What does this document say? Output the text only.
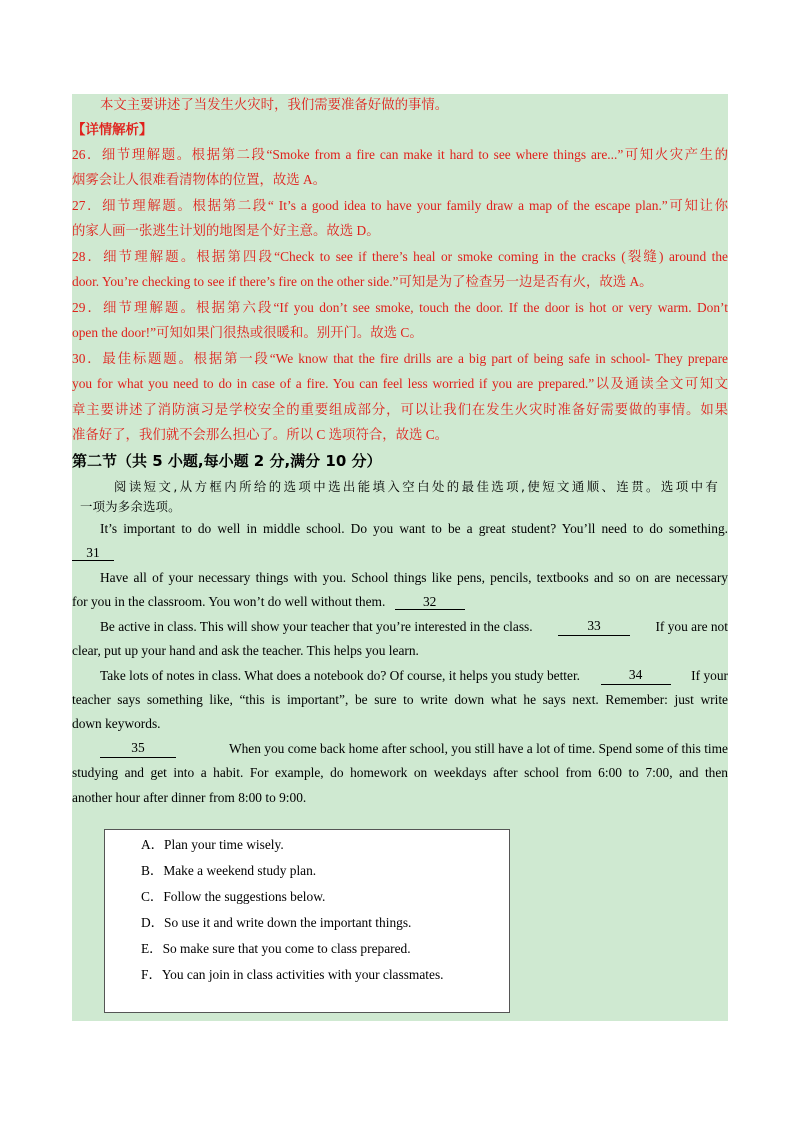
本文主要讲述了当发生火灾时，我们需要准备好做的事情。
【详情解析】
26．细节理解题。根据第二段“Smoke from a fire can make it hard to see where things are...”可知火灾产生的
烟雾会让人很难看清物体的位置，故选 A。
27．细节理解题。根据第二段“ It’s a good idea to have your family draw a map of the escape plan.”可知让你
的家人画一张逃生计划的地图是个好主意。故选 D。
28．细节理解题。根据第四段“Check to see if there’s heal or smoke coming in the cracks (裂缝) around the
door. You’re checking to see if there’s fire on the other side.”可知是为了检查另一边是否有火，故选 A。
29．细节理解题。根据第六段“If you don’t see smoke, touch the door. If the door is hot or very warm. Don’t
open the door!”可知如果门很热或很暖和。别开门。故选 C。
30．最佳标题题。根据第一段“We know that the fire drills are a big part of being safe in school- They prepare
you for what you need to do in case of a fire. You can feel less worried if you are prepared.”以及通读全文可知文
章主要讲述了消防演习是学校安全的重要组成部分，可以让我们在发生火灾时准备好需要做的事情。如果
准备好了，我们就不会那么担心了。所以 C 选项符合，故选 C。
第二节（共 5 小题,每小题 2 分,满分 10 分）
阅读短文,从方框内所给的选项中选出能填入空白处的最佳选项,使短文通顺、连贯。选项中有
一项为多余选项。
It’s important to do well in middle school. Do you want to be a great student? You’ll need to do something.
31
Have all of your necessary things with you. School things like pens, pencils, textbooks and so on are necessary
for you in the classroom. You won’t do well without them.	32
Be active in class. This will show your teacher that you’re interested in the class.	33	If you are not
clear, put up your hand and ask the teacher. This helps you learn.
Take lots of notes in class. What does a notebook do? Of course, it helps you study better.	34	If your
teacher says something like, “this is important”, be sure to write down what he says next. Remember: just write
down keywords.
35	When you come back home after school, you still have a lot of time. Spend some of this time
studying and get into a habit. For example, do homework on weekdays after school from 6:00 to 7:00, and then
another hour after dinner from 8:00 to 9:00.
A．Plan your time wisely.
B．Make a weekend study plan.
C．Follow the suggestions below.
D．So use it and write down the important things.
E．So make sure that you come to class prepared.
F．You can join in class activities with your classmates.
